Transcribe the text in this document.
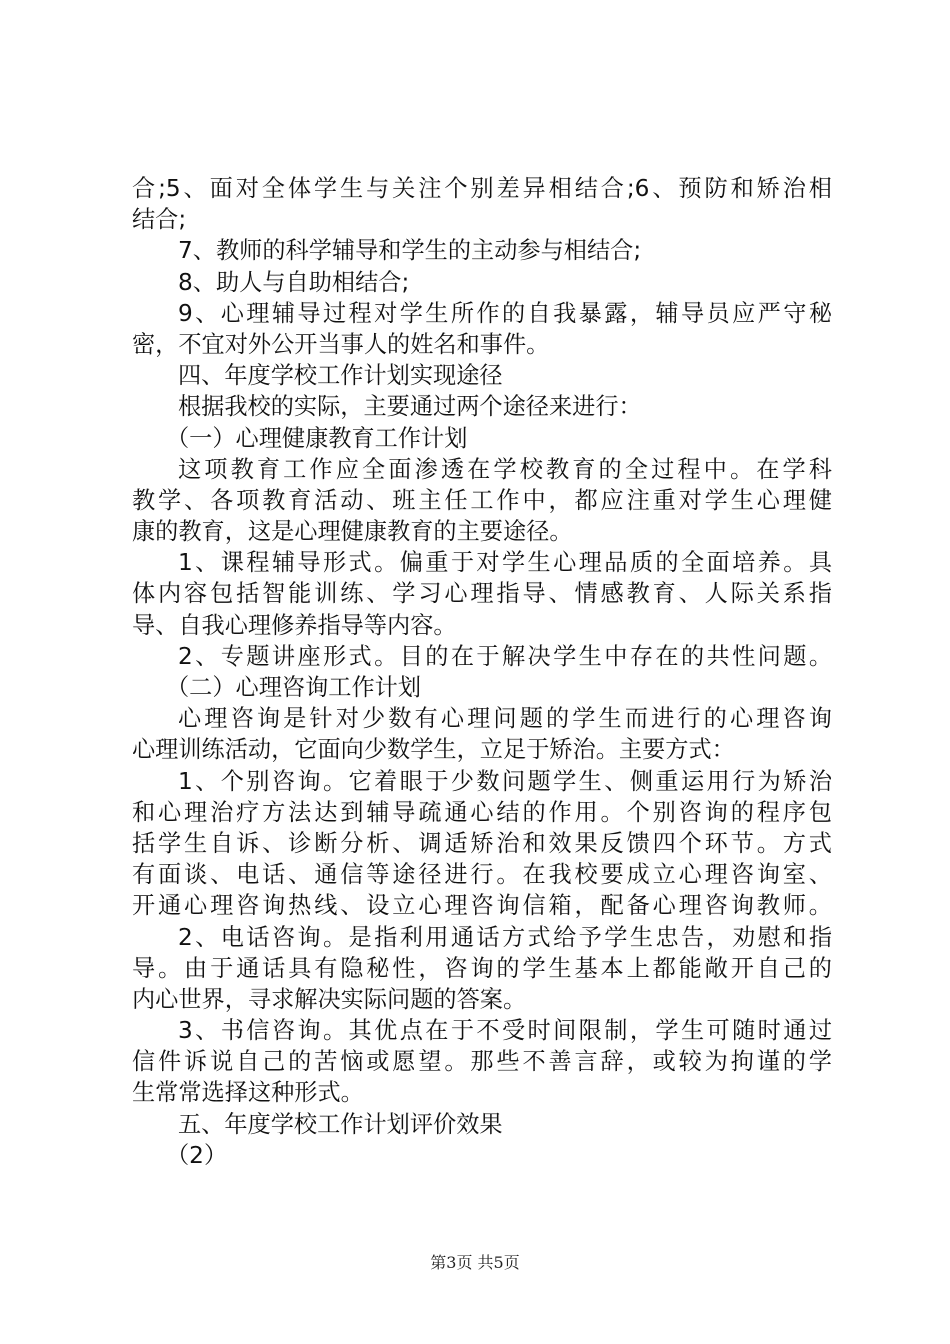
合;5、面对全体学生与关注个别差异相结合;6、预防和矫治相
结合;
7、教师的科学辅导和学生的主动参与相结合;
8、助人与自助相结合;
9、心理辅导过程对学生所作的自我暴露，辅导员应严守秘
密，不宜对外公开当事人的姓名和事件。
四、年度学校工作计划实现途径
根据我校的实际，主要通过两个途径来进行：
（一）心理健康教育工作计划
这项教育工作应全面渗透在学校教育的全过程中。在学科
教学、各项教育活动、班主任工作中，都应注重对学生心理健
康的教育，这是心理健康教育的主要途径。
1、课程辅导形式。偏重于对学生心理品质的全面培养。具
体内容包括智能训练、学习心理指导、情感教育、人际关系指
导、自我心理修养指导等内容。
2、专题讲座形式。目的在于解决学生中存在的共性问题。
（二）心理咨询工作计划
心理咨询是针对少数有心理问题的学生而进行的心理咨询
心理训练活动，它面向少数学生，立足于矫治。主要方式：
1、个别咨询。它着眼于少数问题学生、侧重运用行为矫治
和心理治疗方法达到辅导疏通心结的作用。个别咨询的程序包
括学生自诉、诊断分析、调适矫治和效果反馈四个环节。方式
有面谈、电话、通信等途径进行。在我校要成立心理咨询室、
开通心理咨询热线、设立心理咨询信箱，配备心理咨询教师。
2、电话咨询。是指利用通话方式给予学生忠告，劝慰和指
导。由于通话具有隐秘性，咨询的学生基本上都能敞开自己的
内心世界，寻求解决实际问题的答案。
3、书信咨询。其优点在于不受时间限制，学生可随时通过
信件诉说自己的苦恼或愿望。那些不善言辞，或较为拘谨的学
生常常选择这种形式。
五、年度学校工作计划评价效果
（2）
第3页 共5页
